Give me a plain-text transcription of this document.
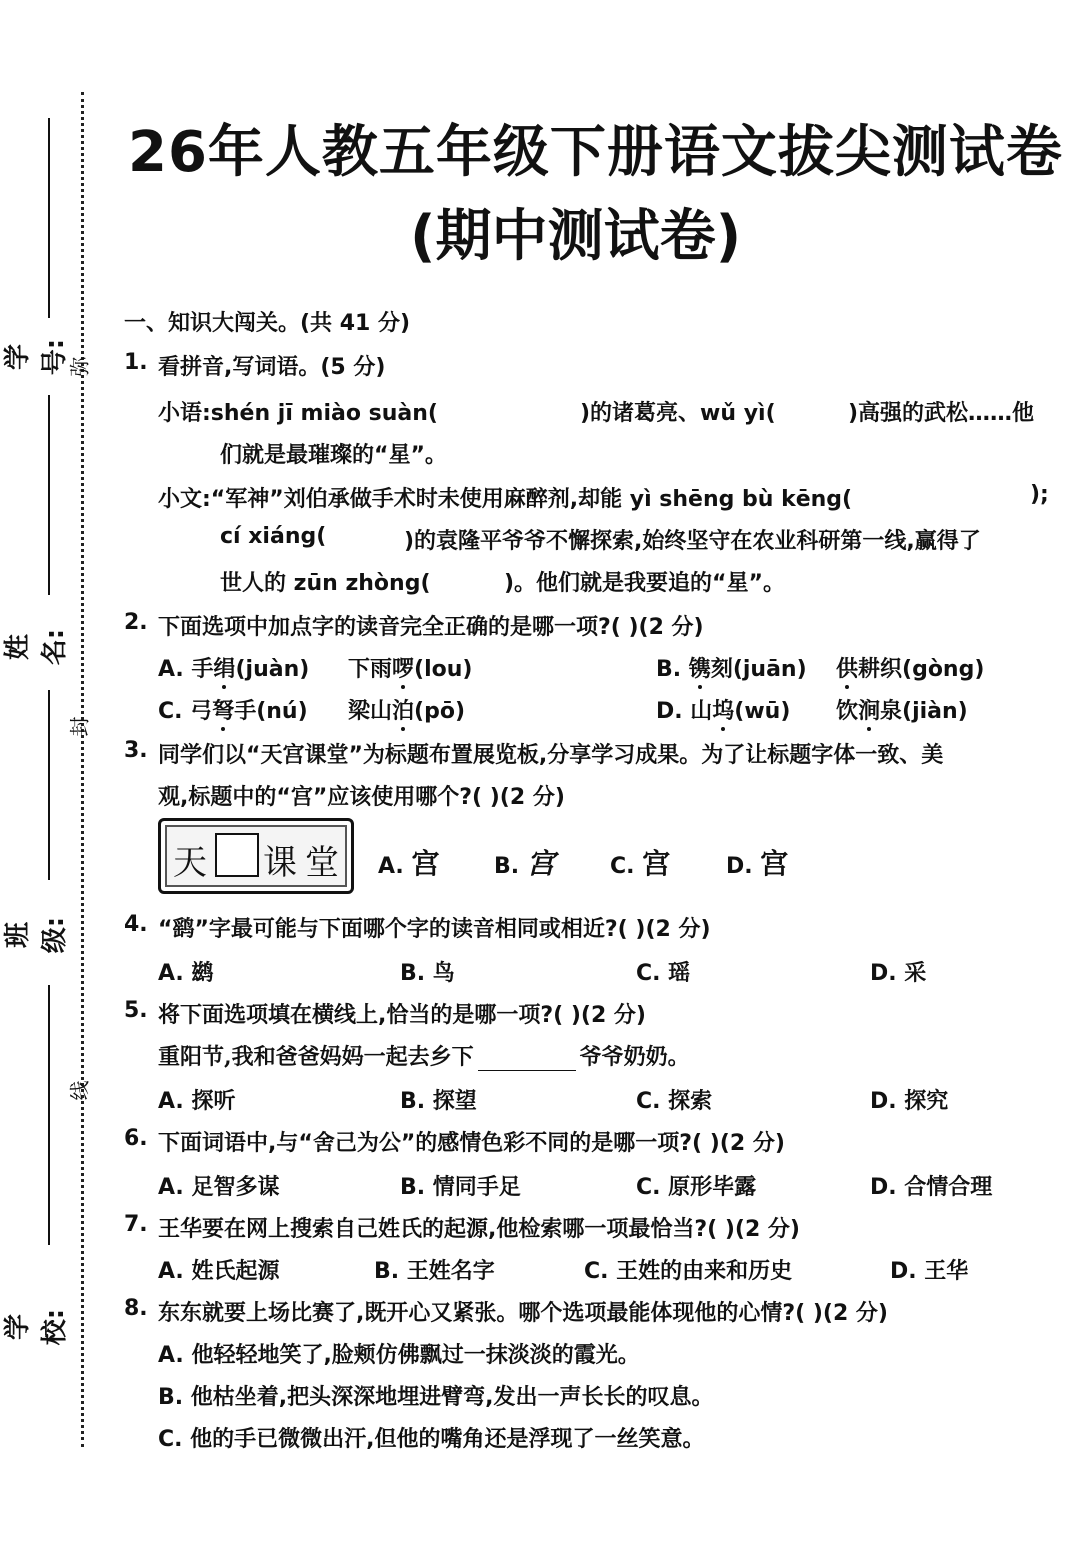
学号:
姓名:
班级:
学校:
弥
封
线
26年人教五年级下册语文拔尖测试卷
(期中测试卷)
一、知识大闯关。(共 41 分)
1. 看拼音,写词语。(5 分)
小语:shén jī miào suàn(	)的诸葛亮、wǔ yì(	)高强的武松……他
们就是最璀璨的“星”。
小文:“军神”刘伯承做手术时未使用麻醉剂,却能 yì shēng bù kēng(	);
cí xiáng(	)的袁隆平爷爷不懈探索,始终坚守在农业科研第一线,赢得了
世人的 zūn zhòng(	)。他们就是我要追的“星”。
2. 下面选项中加点字的读音完全正确的是哪一项?( )(2 分)
A. 手绢(juàn) 下雨啰(lou)	B. 镌刻(juān) 供耕织(gòng)
C. 弓弩手(nú) 梁山泊(pō)	D. 山坞(wū) 饮涧泉(jiàn)
3. 同学们以“天宫课堂”为标题布置展览板,分享学习成果。为了让标题字体一致、美
观,标题中的“宫”应该使用哪个?( )(2 分)
天 课 堂 A. 宫 B. 宫	C. 宫	D. 宫
4. “鹞”字最可能与下面哪个字的读音相同或相近?( )(2 分)
A. 鹚	B. 鸟	C. 瑶	D. 采
5. 将下面选项填在横线上,恰当的是哪一项?( )(2 分)
重阳节,我和爸爸妈妈一起去乡下	爷爷奶奶。
A. 探听	B. 探望	C. 探索	D. 探究
6. 下面词语中,与“舍己为公”的感情色彩不同的是哪一项?( )(2 分)
A. 足智多谋	B. 情同手足	C. 原形毕露	D. 合情合理
7. 王华要在网上搜索自己姓氏的起源,他检索哪一项最恰当?( )(2 分)
A. 姓氏起源	B. 王姓名字	C. 王姓的由来和历史	D. 王华
8. 东东就要上场比赛了,既开心又紧张。哪个选项最能体现他的心情?( )(2 分)
A. 他轻轻地笑了,脸颊仿佛飘过一抹淡淡的霞光。
B. 他枯坐着,把头深深地埋进臂弯,发出一声长长的叹息。
C. 他的手已微微出汗,但他的嘴角还是浮现了一丝笑意。
